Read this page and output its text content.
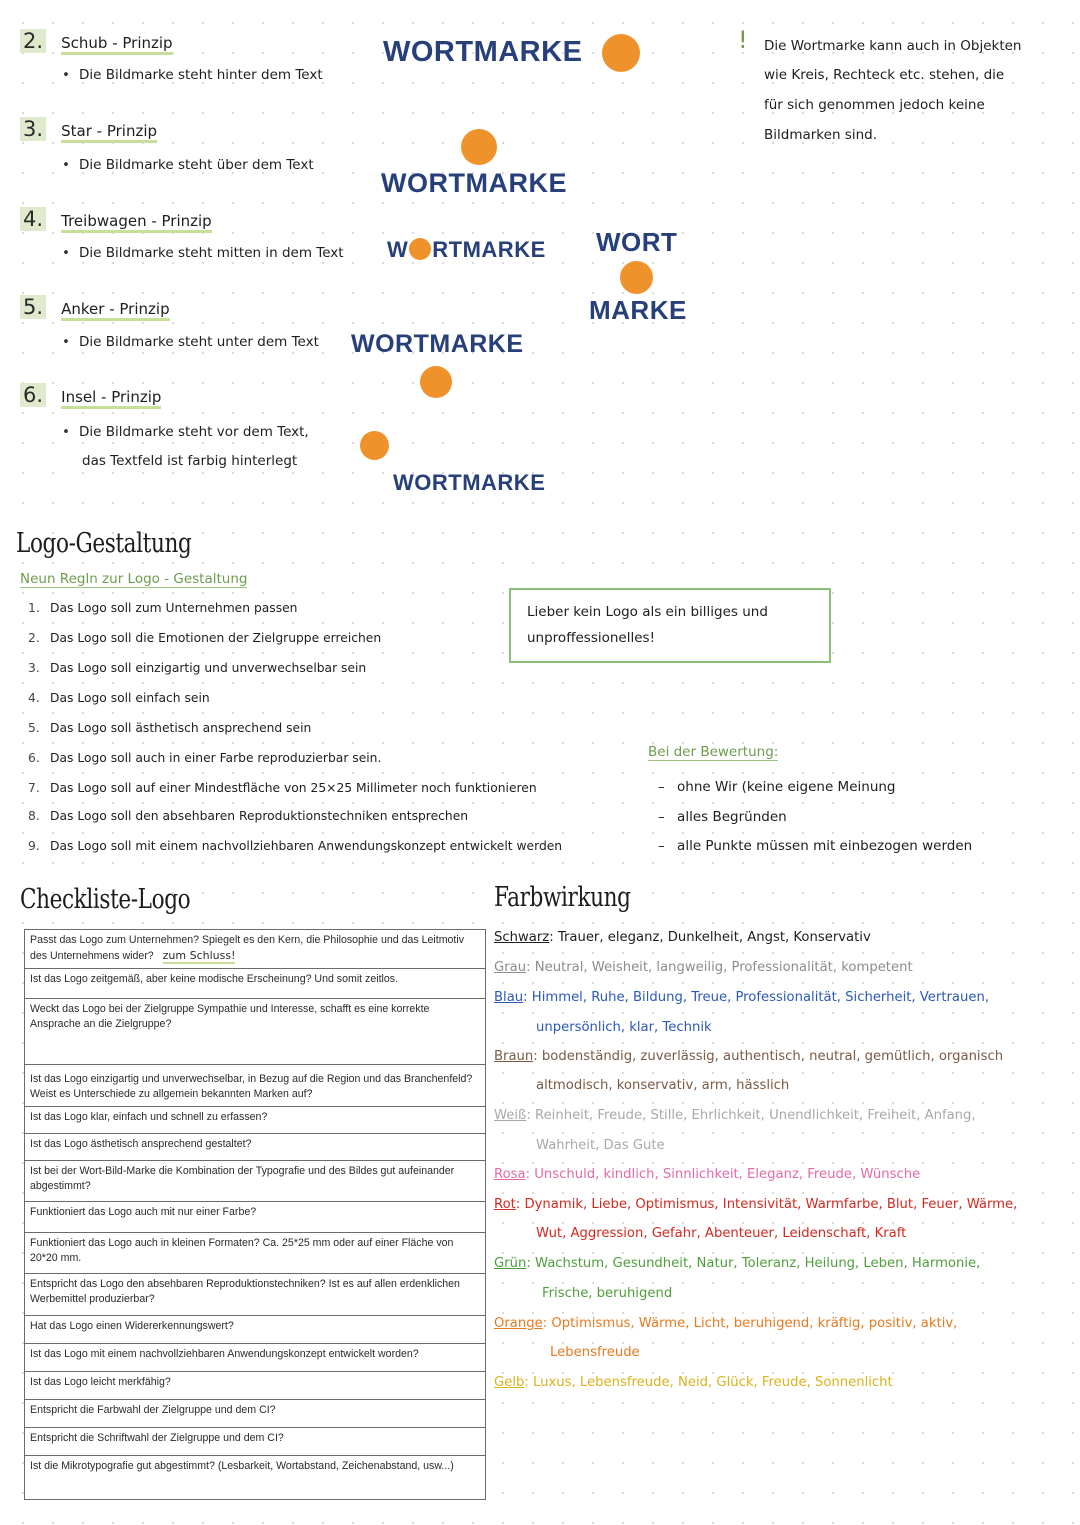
2. Schub - Prinzip
• Die Bildmarke steht hinter dem Text
3. Star - Prinzip
• Die Bildmarke steht über dem Text
4. Treibwagen - Prinzip
• Die Bildmarke steht mitten in dem Text
5. Anker - Prinzip
• Die Bildmarke steht unter dem Text
6. Insel - Prinzip
• Die Bildmarke steht vor dem Text,
das Textfeld ist farbig hinterlegt
WORTMARKE
WORTMARKE
W RTMARKE WORT
MARKE
WORTMARKE
WORTMARKE
! Die Wortmarke kann auch in Objekten
wie Kreis, Rechteck etc. stehen, die
für sich genommen jedoch keine
Bildmarken sind.
Logo-Gestaltung
Neun Regln zur Logo - Gestaltung
1. Das Logo soll zum Unternehmen passen
2. Das Logo soll die Emotionen der Zielgruppe erreichen
3. Das Logo soll einzigartig und unverwechselbar sein
4. Das Logo soll einfach sein
5. Das Logo soll ästhetisch ansprechend sein
6. Das Logo soll auch in einer Farbe reproduzierbar sein.
7. Das Logo soll auf einer Mindestfläche von 25×25 Millimeter noch funktionieren
8. Das Logo soll den absehbaren Reproduktionstechniken entsprechen
9. Das Logo soll mit einem nachvollziehbaren Anwendungskonzept entwickelt werden
Lieber kein Logo als ein billiges und
unproffessionelles!
Bei der Bewertung:
– ohne Wir (keine eigene Meinung
– alles Begründen
– alle Punkte müssen mit einbezogen werden
Checkliste-Logo
Passt das Logo zum Unternehmen? Spiegelt es den Kern, die Philosophie und das Leitmotiv des Unternehmens wider? zum Schluss!
Ist das Logo zeitgemäß, aber keine modische Erscheinung? Und somit zeitlos.
Weckt das Logo bei der Zielgruppe Sympathie und Interesse, schafft es eine korrekte Ansprache an die Zielgruppe?
Ist das Logo einzigartig und unverwechselbar, in Bezug auf die Region und das Branchenfeld? Weist es Unterschiede zu allgemein bekannten Marken auf?
Ist das Logo klar, einfach und schnell zu erfassen?
Ist das Logo ästhetisch ansprechend gestaltet?
Ist bei der Wort-Bild-Marke die Kombination der Typografie und des Bildes gut aufeinander abgestimmt?
Funktioniert das Logo auch mit nur einer Farbe?
Funktioniert das Logo auch in kleinen Formaten? Ca. 25*25 mm oder auf einer Fläche von 20*20 mm.
Entspricht das Logo den absehbaren Reproduktionstechniken? Ist es auf allen erdenklichen Werbemittel produzierbar?
Hat das Logo einen Widererkennungswert?
Ist das Logo mit einem nachvollziehbaren Anwendungskonzept entwickelt worden?
Ist das Logo leicht merkfähig?
Entspricht die Farbwahl der Zielgruppe und dem CI?
Entspricht die Schriftwahl der Zielgruppe und dem CI?
Ist die Mikrotypografie gut abgestimmt? (Lesbarkeit, Wortabstand, Zeichenabstand, usw...)
Farbwirkung
Schwarz: Trauer, eleganz, Dunkelheit, Angst, Konservativ
Grau: Neutral, Weisheit, langweilig, Professionalität, kompetent
Blau: Himmel, Ruhe, Bildung, Treue, Professionalität, Sicherheit, Vertrauen,
unpersönlich, klar, Technik
Braun: bodenständig, zuverlässig, authentisch, neutral, gemütlich, organisch
altmodisch, konservativ, arm, hässlich
Weiß: Reinheit, Freude, Stille, Ehrlichkeit, Unendlichkeit, Freiheit, Anfang,
Wahrheit, Das Gute
Rosa: Unschuld, kindlich, Sinnlichkeit, Eleganz, Freude, Wünsche
Rot: Dynamik, Liebe, Optimismus, Intensivität, Warmfarbe, Blut, Feuer, Wärme,
Wut, Aggression, Gefahr, Abenteuer, Leidenschaft, Kraft
Grün: Wachstum, Gesundheit, Natur, Toleranz, Heilung, Leben, Harmonie,
Frische, beruhigend
Orange: Optimismus, Wärme, Licht, beruhigend, kräftig, positiv, aktiv,
Lebensfreude
Gelb: Luxus, Lebensfreude, Neid, Glück, Freude, Sonnenlicht
